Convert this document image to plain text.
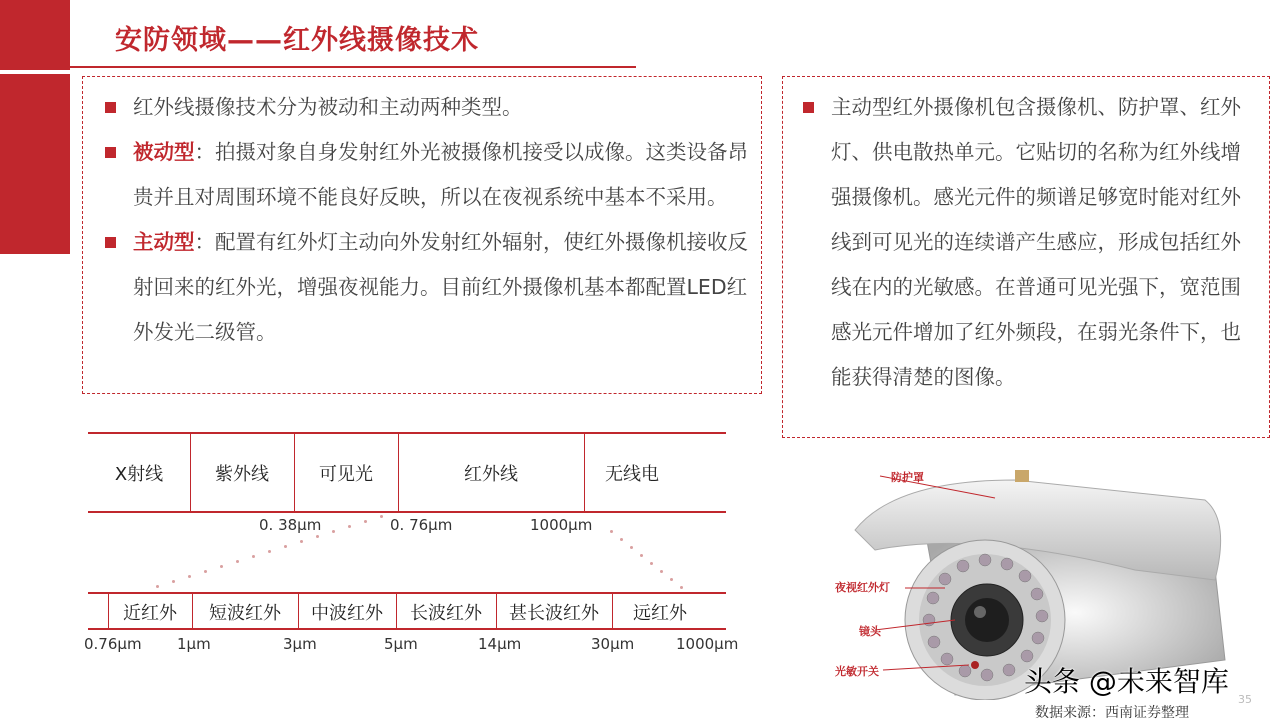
安防领域——红外线摄像技术
红外线摄像技术分为被动和主动两种类型。
被动型：拍摄对象自身发射红外光被摄像机接受以成像。这类设备昂贵并且对周围环境不能良好反映，所以在夜视系统中基本不采用。
主动型：配置有红外灯主动向外发射红外辐射，使红外摄像机接收反射回来的红外光，增强夜视能力。目前红外摄像机基本都配置LED红外发光二级管。
主动型红外摄像机包含摄像机、防护罩、红外灯、供电散热单元。它贴切的名称为红外线增强摄像机。感光元件的频谱足够宽时能对红外线到可见光的连续谱产生感应，形成包括红外线在内的光敏感。在普通可见光强下，宽范围感光元件增加了红外频段，在弱光条件下，也能获得清楚的图像。
X射线	紫外线	可见光	红外线	无线电
0. 38μm	0. 76μm	1000μm
近红外	短波红外	中波红外	长波红外	甚长波红外	远红外
0.76μm 1μm	3μm	5μm	14μm	30μm	1000μm
防护罩
夜视红外灯
镜头
光敏开关	头条 @未来智库
数据来源：西南证券整理
35
